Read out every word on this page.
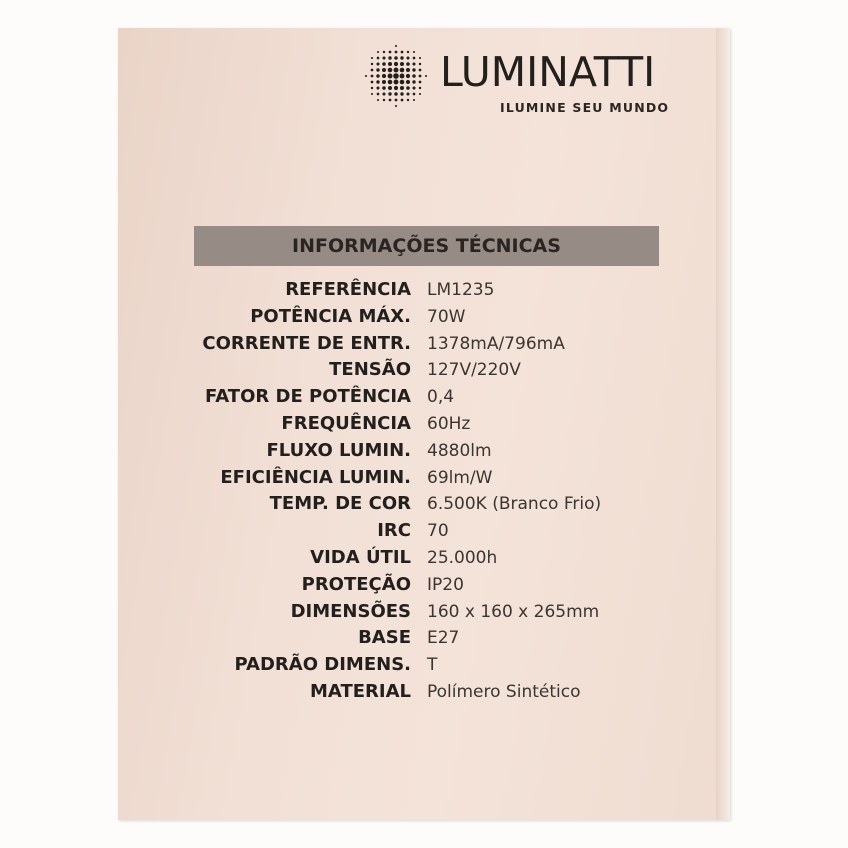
LUMINATTI
ILUMINE SEU MUNDO
INFORMAÇÕES TÉCNICAS
REFERÊNCIA LM1235
POTÊNCIA MÁX. 70W
CORRENTE DE ENTR. 1378mA/796mA
TENSÃO 127V/220V
FATOR DE POTÊNCIA 0,4
FREQUÊNCIA 60Hz
FLUXO LUMIN. 4880lm
EFICIÊNCIA LUMIN. 69lm/W
TEMP. DE COR 6.500K (Branco Frio)
IRC 70
VIDA ÚTIL 25.000h
PROTEÇÃO IP20
DIMENSÕES 160 x 160 x 265mm
BASE E27
PADRÃO DIMENS. T
MATERIAL Polímero Sintético
